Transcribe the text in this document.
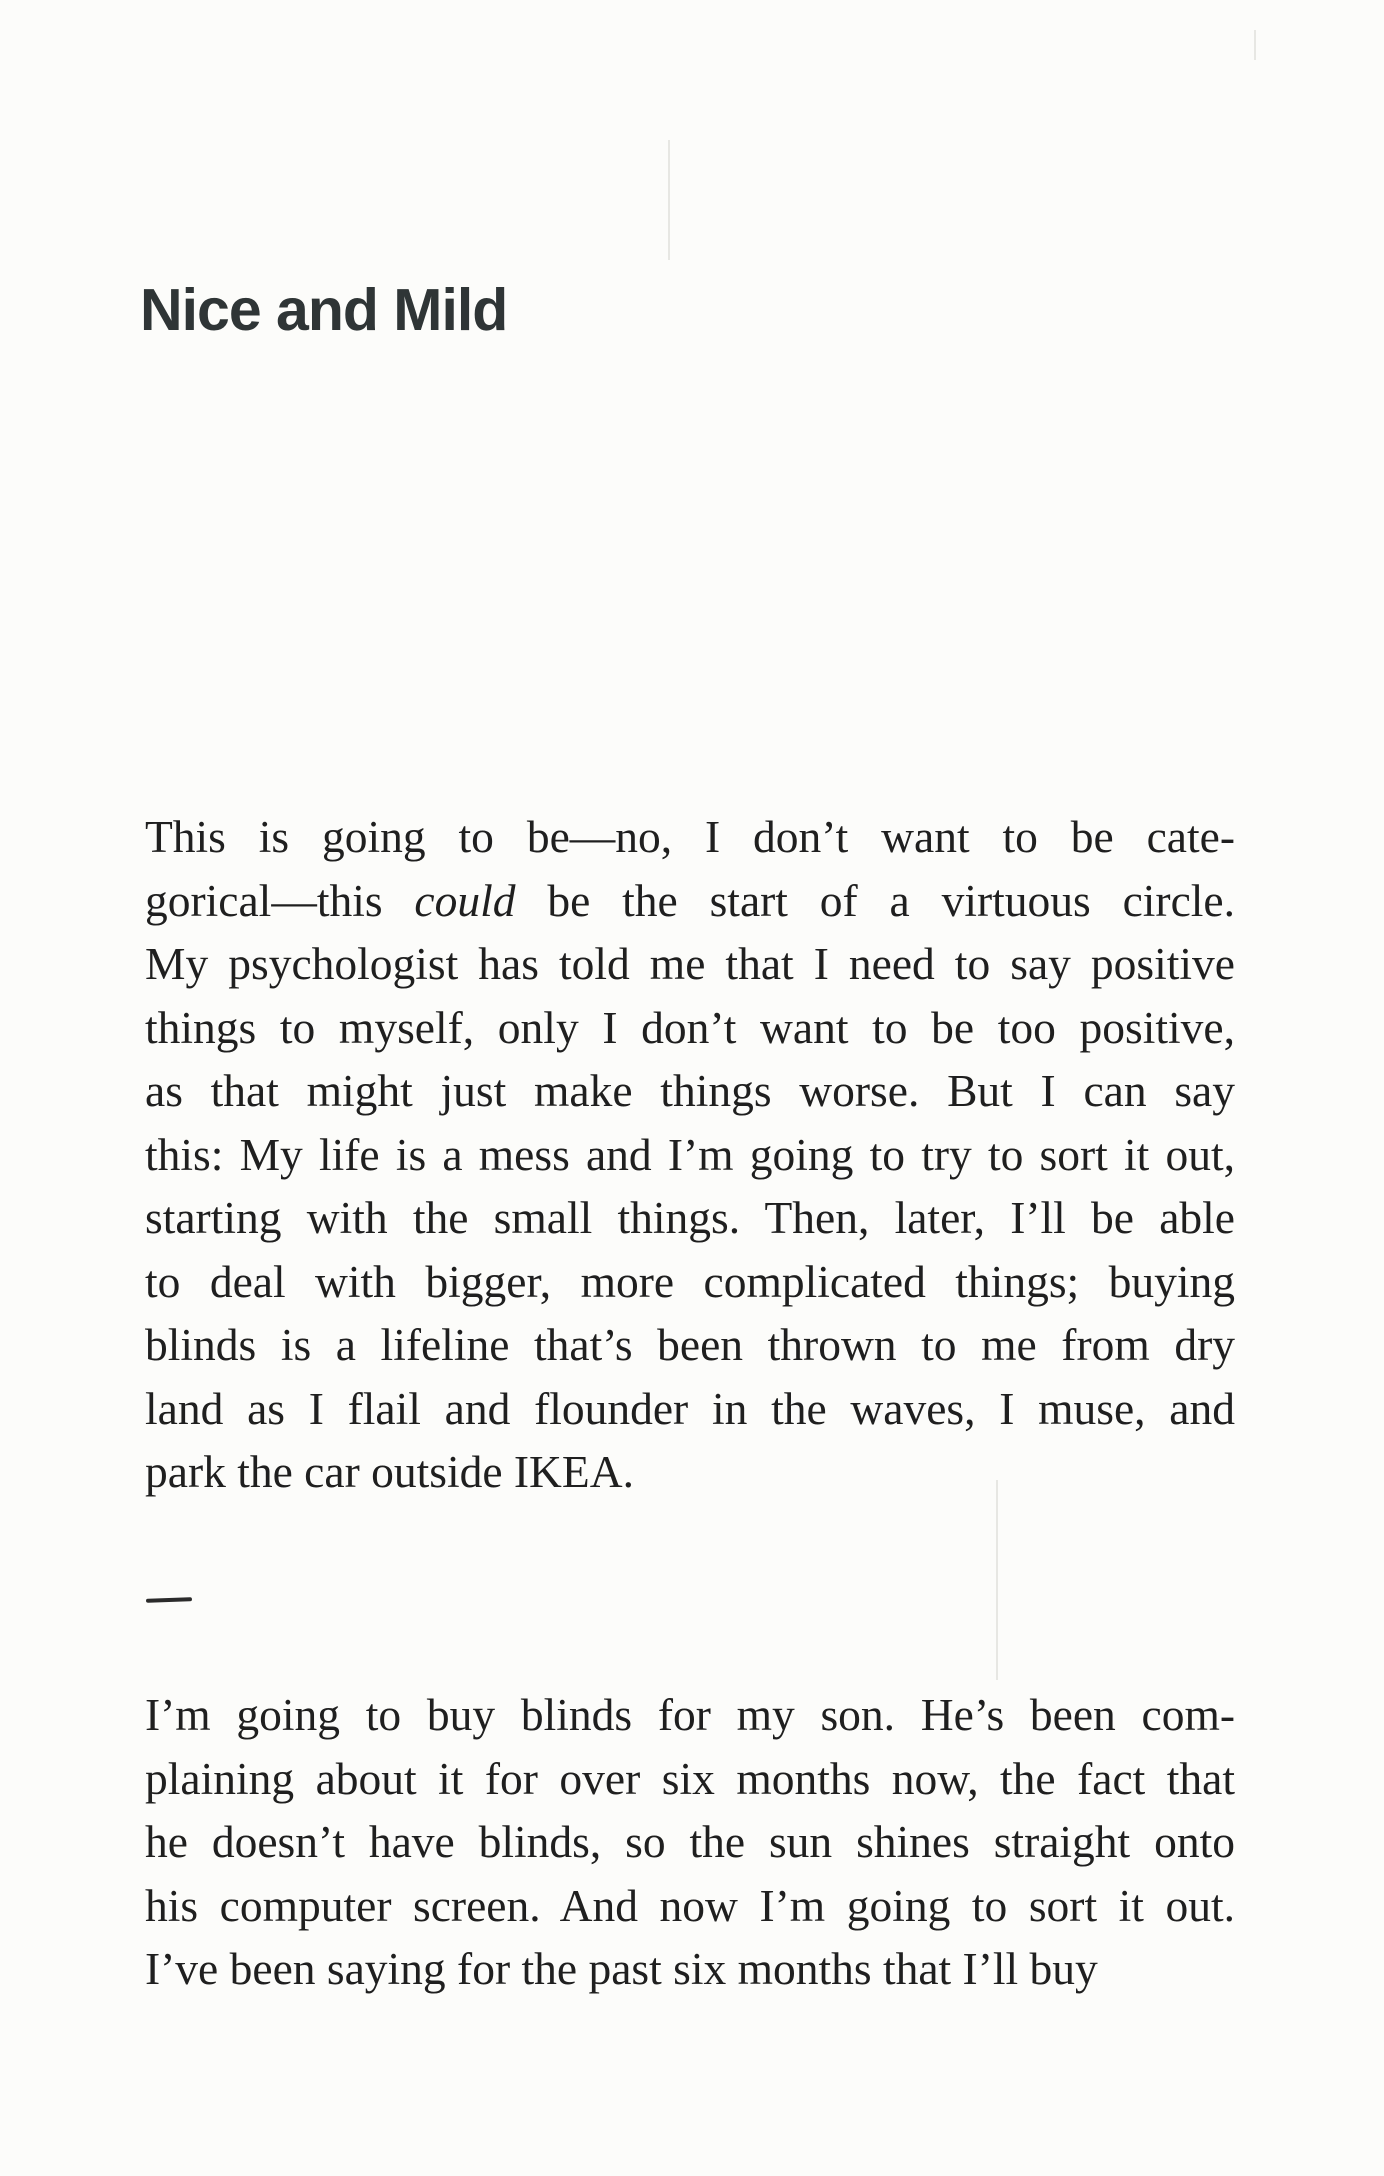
Nice and Mild

This is going to be—no, I don’t want to be cate-
gorical—this could be the start of a virtuous circle.
My psychologist has told me that I need to say positive
things to myself, only I don’t want to be too positive,
as that might just make things worse. But I can say
this: My life is a mess and I’m going to try to sort it out,
starting with the small things. Then, later, I’ll be able
to deal with bigger, more complicated things; buying
blinds is a lifeline that’s been thrown to me from dry
land as I flail and flounder in the waves, I muse, and
park the car outside IKEA.

I’m going to buy blinds for my son. He’s been com-
plaining about it for over six months now, the fact that
he doesn’t have blinds, so the sun shines straight onto
his computer screen. And now I’m going to sort it out.
I’ve been saying for the past six months that I’ll buy
